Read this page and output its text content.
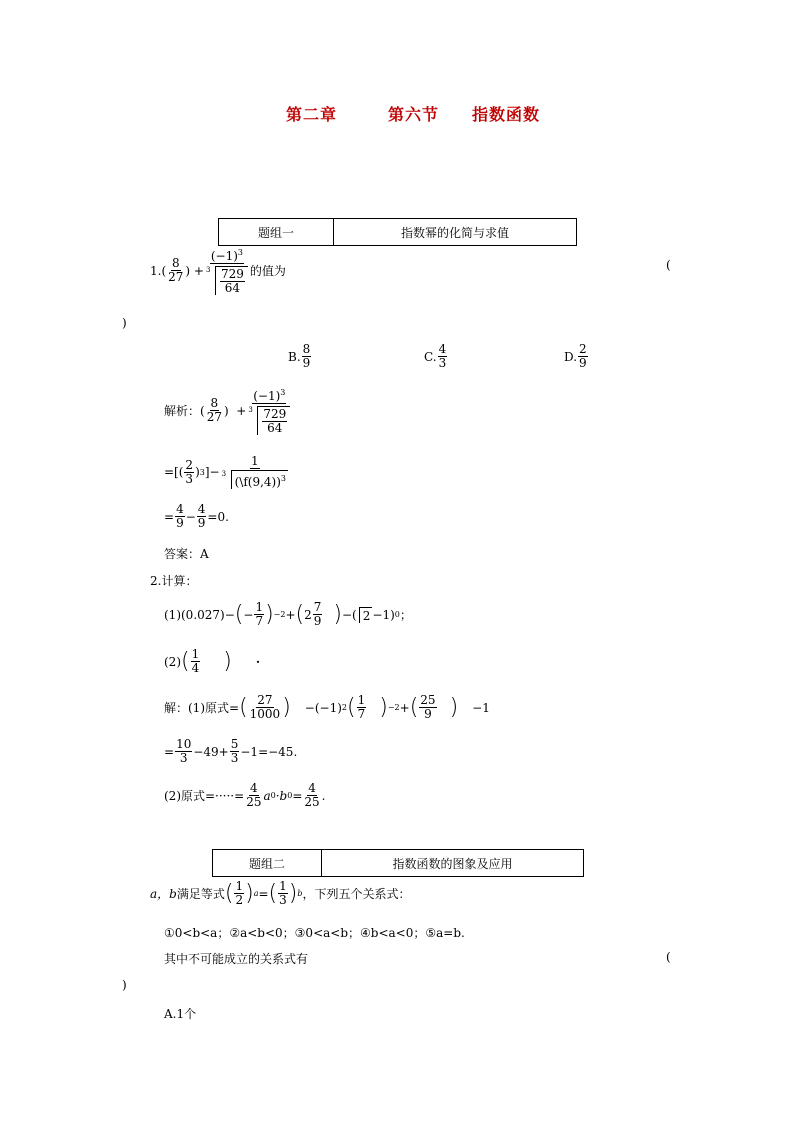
第二章	第六节 指数函数
题组一	指数幂的化简与求值
1. ( $\frac{8}{27}$ ) + $\frac{(-1)^3}{3 \frac{729}{64}}$ 的值为	(
)
B. $\frac{8}{9}$	C. $\frac{4}{3}$	D. $\frac{2}{9}$
解析： ( $\frac{8}{27}$ ) + $\frac{(-1)^3}{3 \frac{729}{64}}$
=[( $\frac{2}{3}$ ) 3 ]− 1
3
(\f(9,4))$^3$
= $\frac{4}{9} - \frac{4}{9} =0$.
答案：A
2.计算：
(1)(0.027)− ( − $\frac{1}{7}$ ) −2 + ( $2 \frac{7}{9}$ ) −( 2 −1) 0 ；
(2) ( $\frac{1}{4}$ ) ·
解：(1)原式= ( $\frac{27}{1000}$ ) −(−1) 2 ( $\frac{1}{7}$ ) −2 + ( $\frac{25}{9}$ ) −1
= $\frac{10}{3} -49+ \frac{5}{3} -1=-45$.
(2)原式=·····= $\frac{4}{25}$ a 0 ·b $0 = \frac{4}{25}$ .
题组二	指数函数的图象及应用
a，b 满足等式 ( $\frac{1}{2}$ ) a = ( $\frac{1}{3}$ ) b ，下列五个关系式：
①0<b<a；②a<b<0；③0<a<b；④b<a<0；⑤a=b.
其中不可能成立的关系式有	(
)
A.1个
